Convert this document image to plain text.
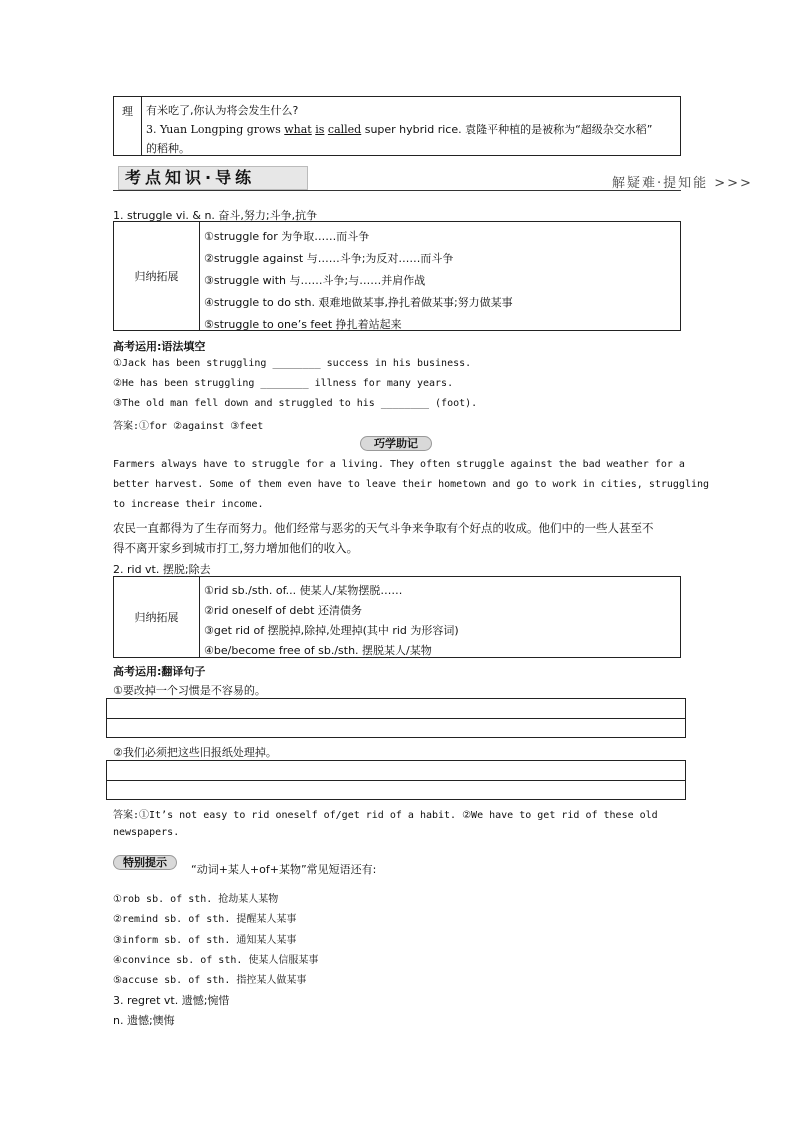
理	有米吃了,你认为将会发生什么?
3. Yuan Longping grows what is called super hybrid rice. 袁隆平种植的是被称为“超级杂交水稻”
的稻种。
考点知识·导练	解疑难·提知能 >>>
1. struggle vi. & n. 奋斗,努力;斗争,抗争
归纳拓展
①struggle for 为争取……而斗争
②struggle against 与……斗争;为反对……而斗争
③struggle with 与……斗争;与……并肩作战
④struggle to do sth. 艰难地做某事,挣扎着做某事;努力做某事
⑤struggle to one’s feet 挣扎着站起来
高考运用:语法填空
①Jack has been struggling ________ success in his business.
②He has been struggling ________ illness for many years.
③The old man fell down and struggled to his ________ (foot).
答案:①for ②against ③feet
巧学助记
Farmers always have to struggle for a living. They often struggle against the bad weather for a
better harvest. Some of them even have to leave their hometown and go to work in cities, struggling
to increase their income.
农民一直都得为了生存而努力。他们经常与恶劣的天气斗争来争取有个好点的收成。他们中的一些人甚至不
得不离开家乡到城市打工,努力增加他们的收入。
2. rid vt. 摆脱;除去
归纳拓展
①rid sb./sth. of... 使某人/某物摆脱……
②rid oneself of debt 还清债务
③get rid of 摆脱掉,除掉,处理掉(其中 rid 为形容词)
④be/become free of sb./sth. 摆脱某人/某物
高考运用:翻译句子
①要改掉一个习惯是不容易的。
②我们必须把这些旧报纸处理掉。
答案:①It’s not easy to rid oneself of/get rid of a habit. ②We have to get rid of these old
newspapers.
特别提示
“动词+某人+of+某物”常见短语还有:
①rob sb. of sth. 抢劫某人某物
②remind sb. of sth. 提醒某人某事
③inform sb. of sth. 通知某人某事
④convince sb. of sth. 使某人信服某事
⑤accuse sb. of sth. 指控某人做某事
3. regret vt. 遗憾;惋惜
n. 遗憾;懊悔
